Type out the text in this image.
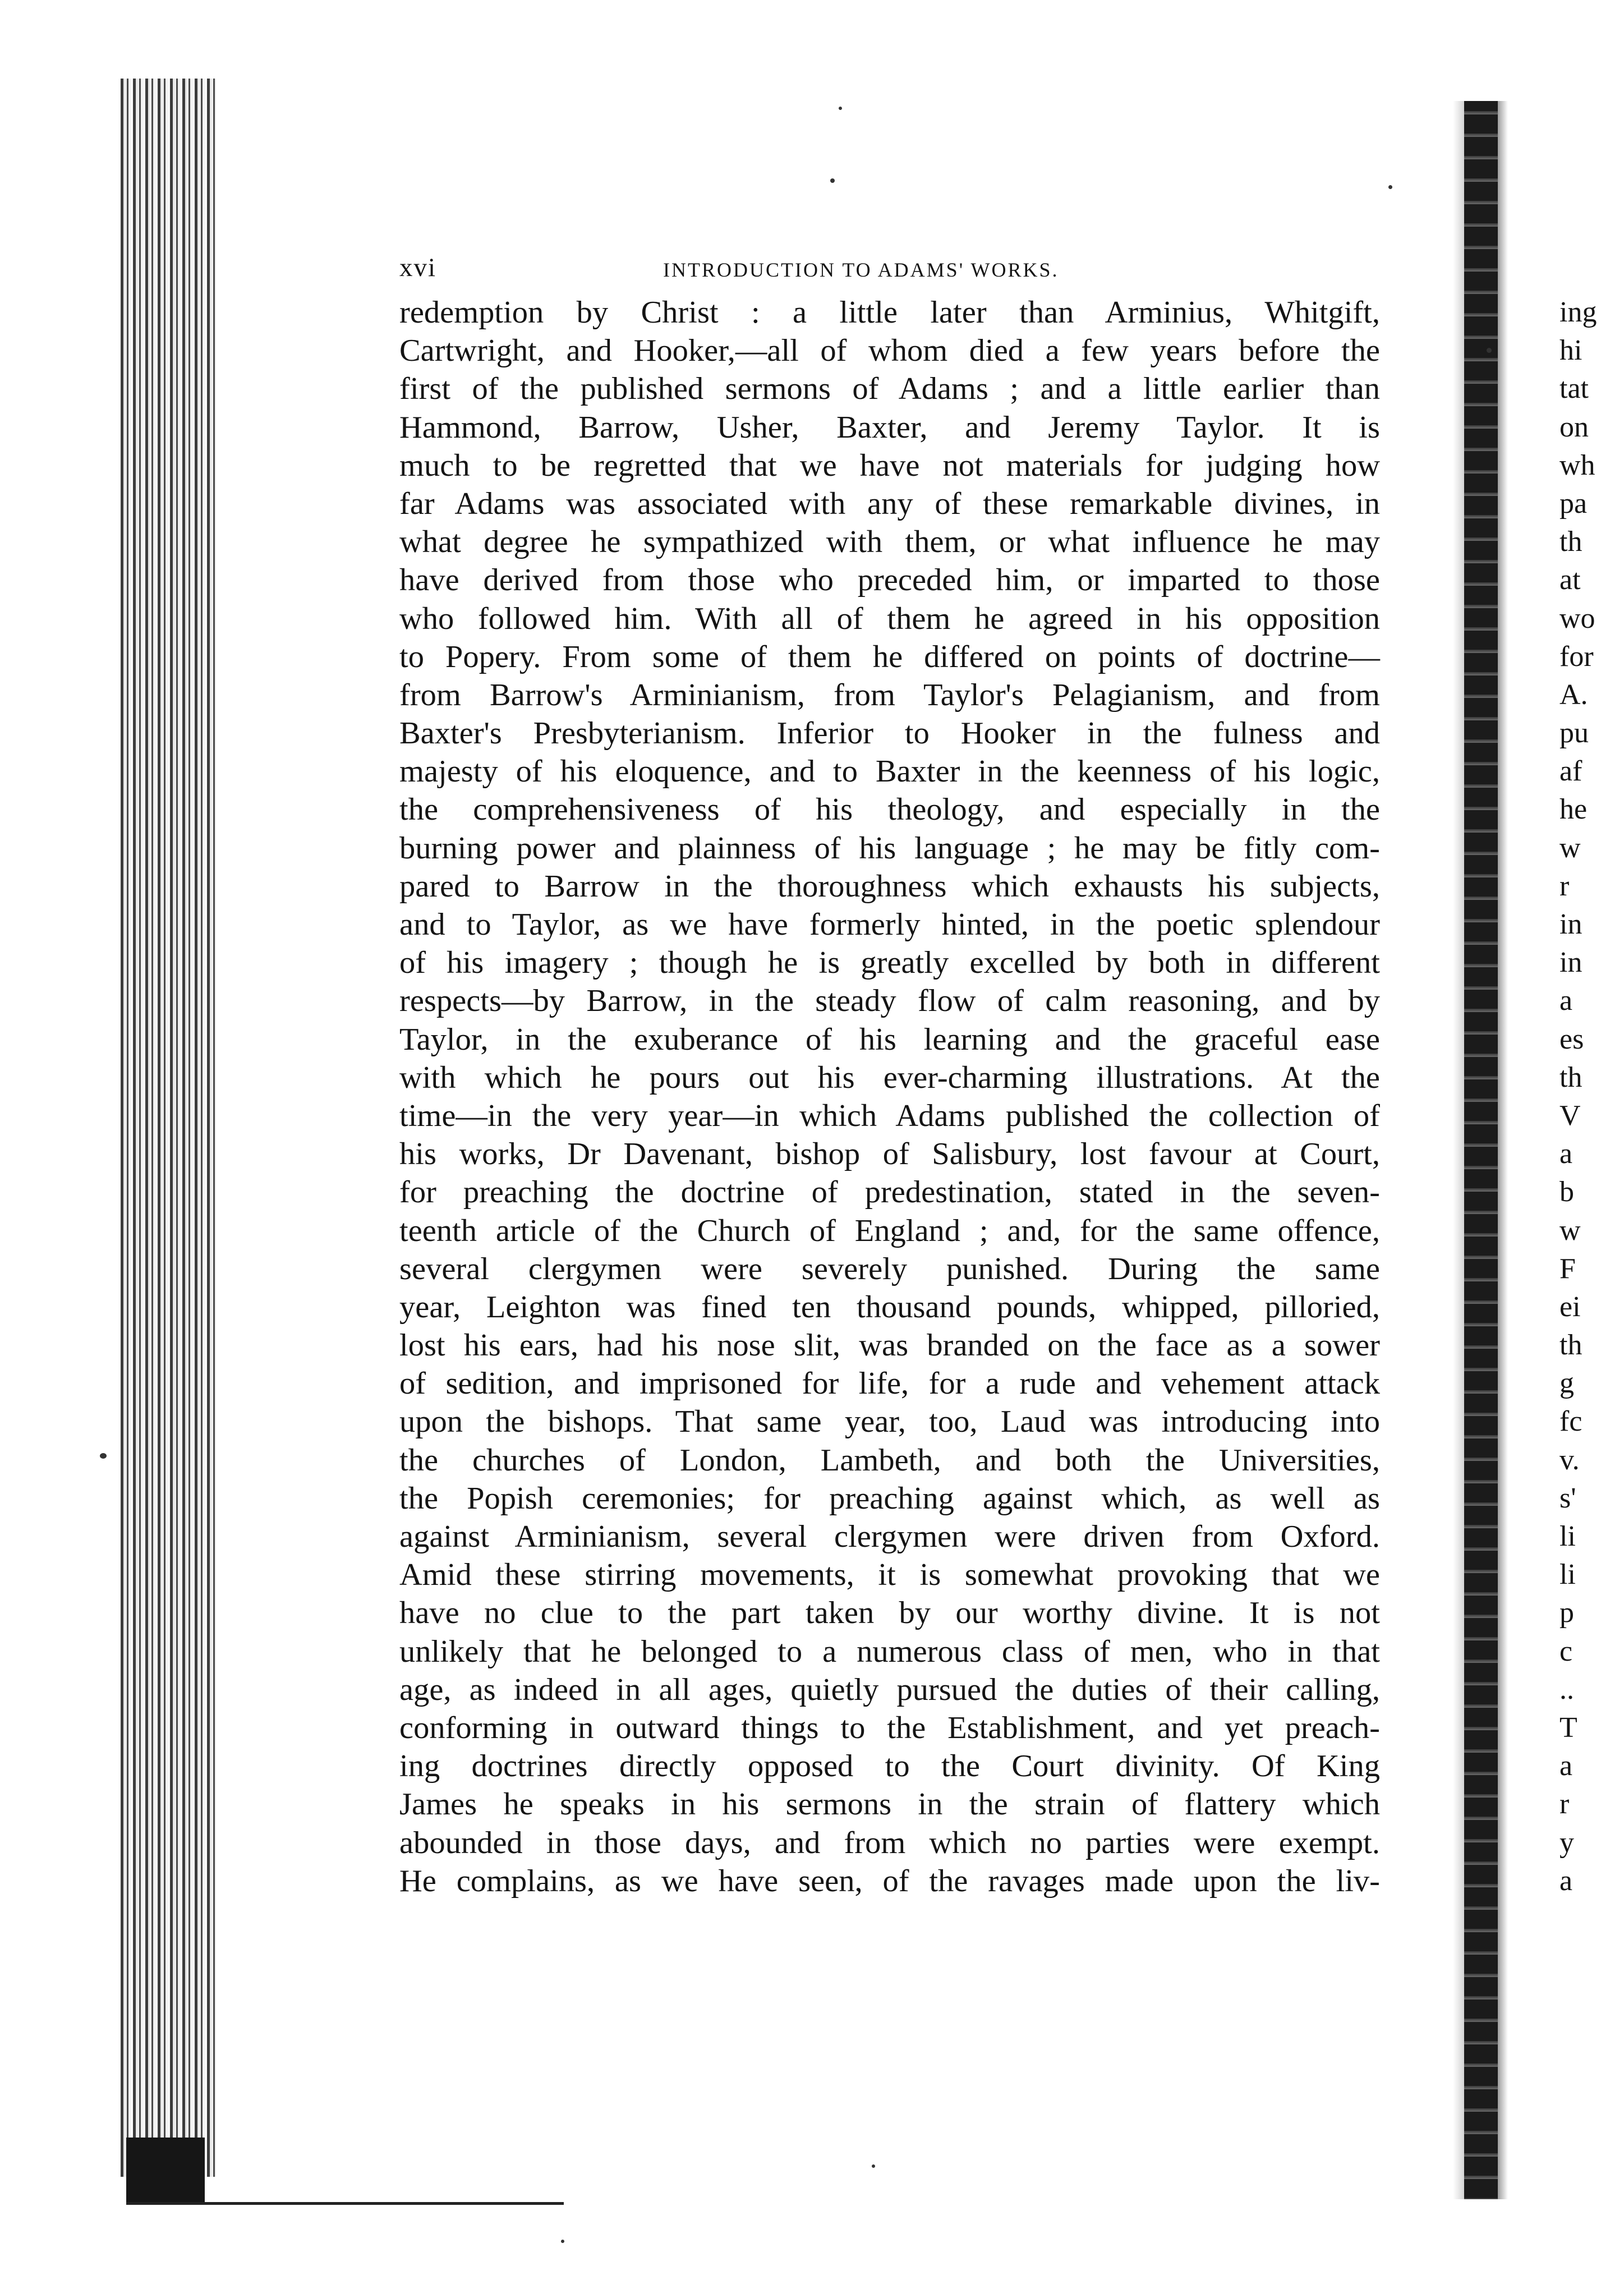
xvi	INTRODUCTION TO ADAMS' WORKS.
redemption by Christ : a little later than Arminius, Whitgift,
Cartwright, and Hooker,—all of whom died a few years before the
first of the published sermons of Adams ; and a little earlier than
Hammond, Barrow, Usher, Baxter, and Jeremy Taylor. It is
much to be regretted that we have not materials for judging how
far Adams was associated with any of these remarkable divines, in
what degree he sympathized with them, or what influence he may
have derived from those who preceded him, or imparted to those
who followed him. With all of them he agreed in his opposition
to Popery. From some of them he differed on points of doctrine—
from Barrow's Arminianism, from Taylor's Pelagianism, and from
Baxter's Presbyterianism. Inferior to Hooker in the fulness and
majesty of his eloquence, and to Baxter in the keenness of his logic,
the comprehensiveness of his theology, and especially in the
burning power and plainness of his language ; he may be fitly com-
pared to Barrow in the thoroughness which exhausts his subjects,
and to Taylor, as we have formerly hinted, in the poetic splendour
of his imagery ; though he is greatly excelled by both in different
respects—by Barrow, in the steady flow of calm reasoning, and by
Taylor, in the exuberance of his learning and the graceful ease
with which he pours out his ever-charming illustrations. At the
time—in the very year—in which Adams published the collection of
his works, Dr Davenant, bishop of Salisbury, lost favour at Court,
for preaching the doctrine of predestination, stated in the seven-
teenth article of the Church of England ; and, for the same offence,
several clergymen were severely punished. During the same
year, Leighton was fined ten thousand pounds, whipped, pilloried,
lost his ears, had his nose slit, was branded on the face as a sower
of sedition, and imprisoned for life, for a rude and vehement attack
upon the bishops. That same year, too, Laud was introducing into
the churches of London, Lambeth, and both the Universities,
the Popish ceremonies; for preaching against which, as well as
against Arminianism, several clergymen were driven from Oxford.
Amid these stirring movements, it is somewhat provoking that we
have no clue to the part taken by our worthy divine. It is not
unlikely that he belonged to a numerous class of men, who in that
age, as indeed in all ages, quietly pursued the duties of their calling,
conforming in outward things to the Establishment, and yet preach-
ing doctrines directly opposed to the Court divinity. Of King
James he speaks in his sermons in the strain of flattery which
abounded in those days, and from which no parties were exempt.
He complains, as we have seen, of the ravages made upon the liv-
ing
hi
tat
on
wh
pa
th
at
wo
for
A.
pu
af
he
w
r
in
in
a
es
th
V
a
b
w
F
ei
th
g
fc
v.
s'
li
li
p
c
..
T
a
r
y
a
